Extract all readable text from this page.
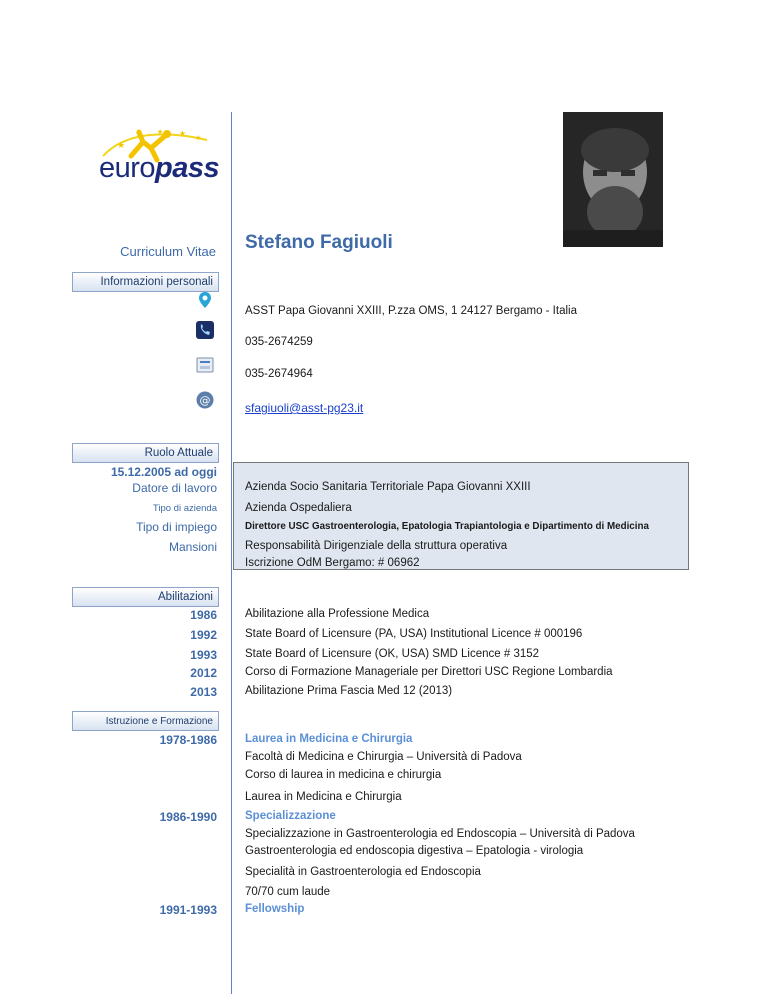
★
★ ★ ★
★
europass
Curriculum Vitae Stefano Fagiuoli
Informazioni personali
ASST Papa Giovanni XXIII, P.zza OMS, 1 24127 Bergamo - Italia
035-2674259
035-2674964
@
sfagiuoli@asst-pg23.it
Ruolo Attuale
15.12.2005 ad oggi
Datore di lavoro Azienda Socio Sanitaria Territoriale Papa Giovanni XXIII
Tipo di azienda Azienda Ospedaliera
Tipo di impiego	Direttore USC Gastroenterologia, Epatologia Trapiantologia e Dipartimento di Medicina
Mansioni Responsabilità Dirigenziale della struttura operativa
Iscrizione OdM Bergamo: # 06962
Abilitazioni
1986 Abilitazione alla Professione Medica
1992 State Board of Licensure (PA, USA) Institutional Licence # 000196
1993 State Board of Licensure (OK, USA) SMD Licence # 3152
2012 Corso di Formazione Manageriale per Direttori USC Regione Lombardia
2013 Abilitazione Prima Fascia Med 12 (2013)
Istruzione e Formazione
1978-1986 Laurea in Medicina e Chirurgia
Facoltà di Medicina e Chirurgia – Università di Padova
Corso di laurea in medicina e chirurgia
Laurea in Medicina e Chirurgia
1986-1990 Specializzazione
Specializzazione in Gastroenterologia ed Endoscopia – Università di Padova
Gastroenterologia ed endoscopia digestiva – Epatologia - virologia
Specialità in Gastroenterologia ed Endoscopia
70/70 cum laude
1991-1993 Fellowship
